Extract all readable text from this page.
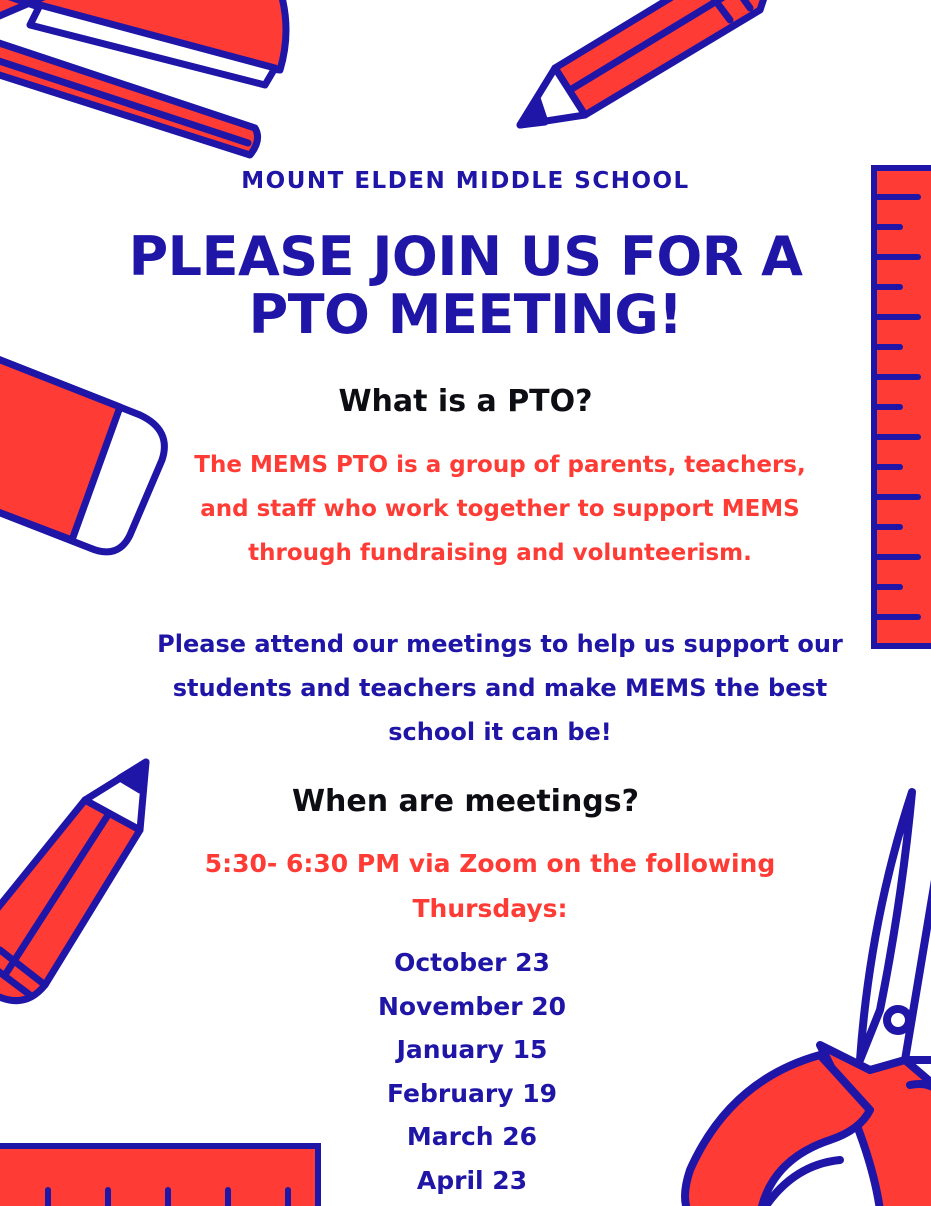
MOUNT ELDEN MIDDLE SCHOOL

PLEASE JOIN US FOR A
PTO MEETING!
What is a PTO?

The MEMS PTO is a group of parents, teachers, and staff who work together to support MEMS through fundraising and volunteerism.

Please attend our meetings to help us support our students and teachers and make MEMS the best school it can be!

When are meetings?

5:30- 6:30 PM via Zoom on the following Thursdays:

October 23
November 20
January 15
February 19
March 26
April 23
